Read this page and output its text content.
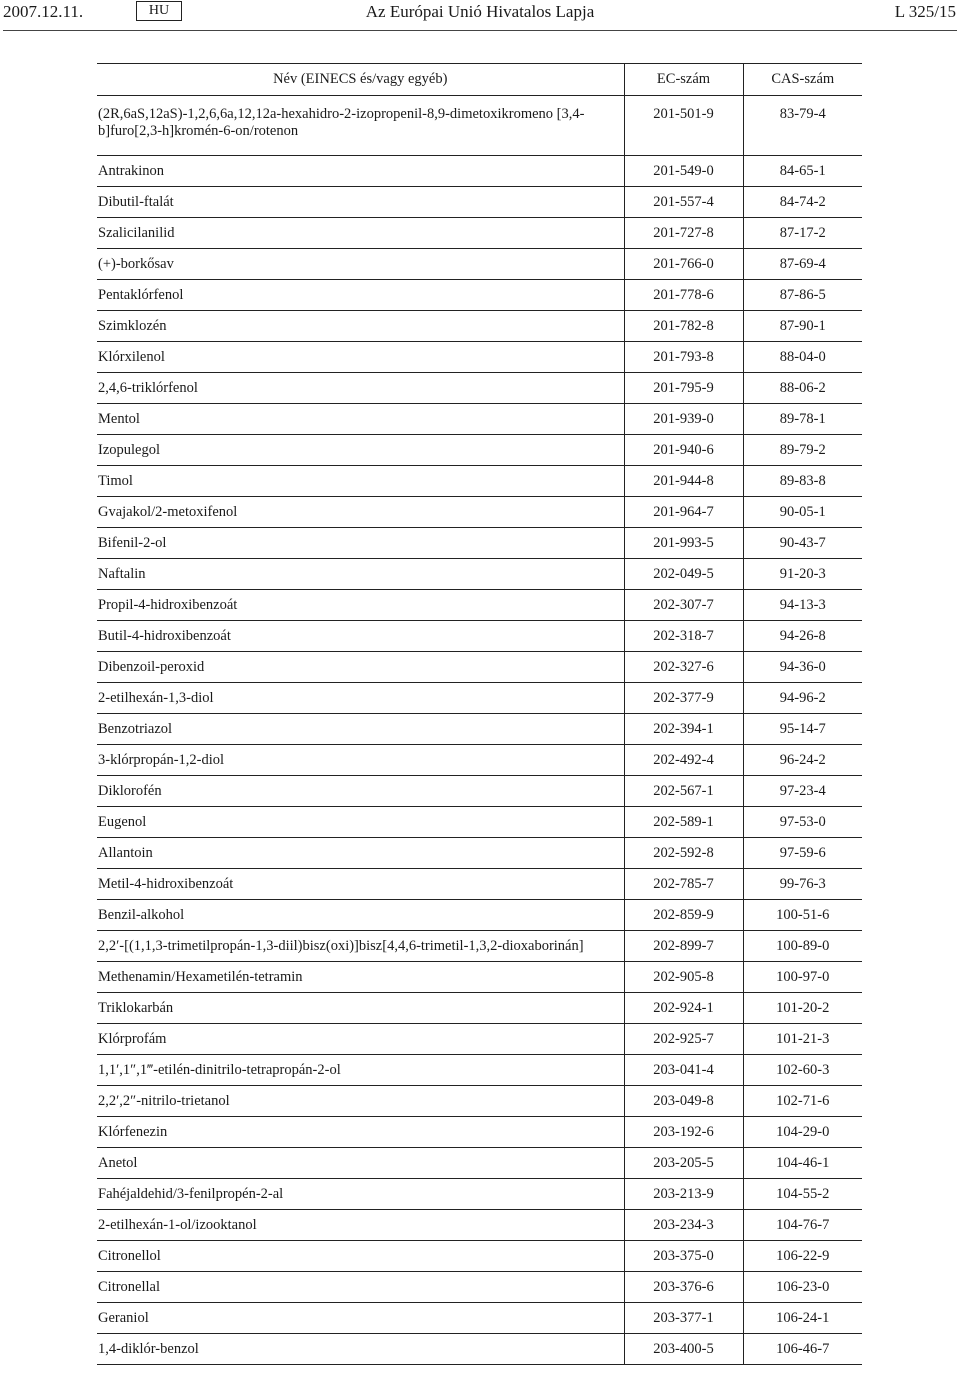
2007.12.11.	HU	Az Európai Unió Hivatalos Lapja	L 325/15
Név (EINECS és/vagy egyéb)	EC-szám	CAS-szám
(2R,6aS,12aS)-1,2,6,6a,12,12a-hexahidro-2-izopropenil-8,9-dimetoxikromeno [3,4-b]furo[2,3-h]kromén-6-on/rotenon	201-501-9	83-79-4
Antrakinon	201-549-0	84-65-1
Dibutil-ftalát	201-557-4	84-74-2
Szalicilanilid	201-727-8	87-17-2
(+)-borkősav	201-766-0	87-69-4
Pentaklórfenol	201-778-6	87-86-5
Szimklozén	201-782-8	87-90-1
Klórxilenol	201-793-8	88-04-0
2,4,6-triklórfenol	201-795-9	88-06-2
Mentol	201-939-0	89-78-1
Izopulegol	201-940-6	89-79-2
Timol	201-944-8	89-83-8
Gvajakol/2-metoxifenol	201-964-7	90-05-1
Bifenil-2-ol	201-993-5	90-43-7
Naftalin	202-049-5	91-20-3
Propil-4-hidroxibenzoát	202-307-7	94-13-3
Butil-4-hidroxibenzoát	202-318-7	94-26-8
Dibenzoil-peroxid	202-327-6	94-36-0
2-etilhexán-1,3-diol	202-377-9	94-96-2
Benzotriazol	202-394-1	95-14-7
3-klórpropán-1,2-diol	202-492-4	96-24-2
Diklorofén	202-567-1	97-23-4
Eugenol	202-589-1	97-53-0
Allantoin	202-592-8	97-59-6
Metil-4-hidroxibenzoát	202-785-7	99-76-3
Benzil-alkohol	202-859-9	100-51-6
2,2′-[(1,1,3-trimetilpropán-1,3-diil)bisz(oxi)]bisz[4,4,6-trimetil-1,3,2-dioxaborinán]	202-899-7	100-89-0
Methenamin/Hexametilén-tetramin	202-905-8	100-97-0
Triklokarbán	202-924-1	101-20-2
Klórprofám	202-925-7	101-21-3
1,1′,1″,1‴-etilén-dinitrilo-tetrapropán-2-ol	203-041-4	102-60-3
2,2′,2″-nitrilo-trietanol	203-049-8	102-71-6
Klórfenezin	203-192-6	104-29-0
Anetol	203-205-5	104-46-1
Fahéjaldehid/3-fenilpropén-2-al	203-213-9	104-55-2
2-etilhexán-1-ol/izooktanol	203-234-3	104-76-7
Citronellol	203-375-0	106-22-9
Citronellal	203-376-6	106-23-0
Geraniol	203-377-1	106-24-1
1,4-diklór-benzol	203-400-5	106-46-7
